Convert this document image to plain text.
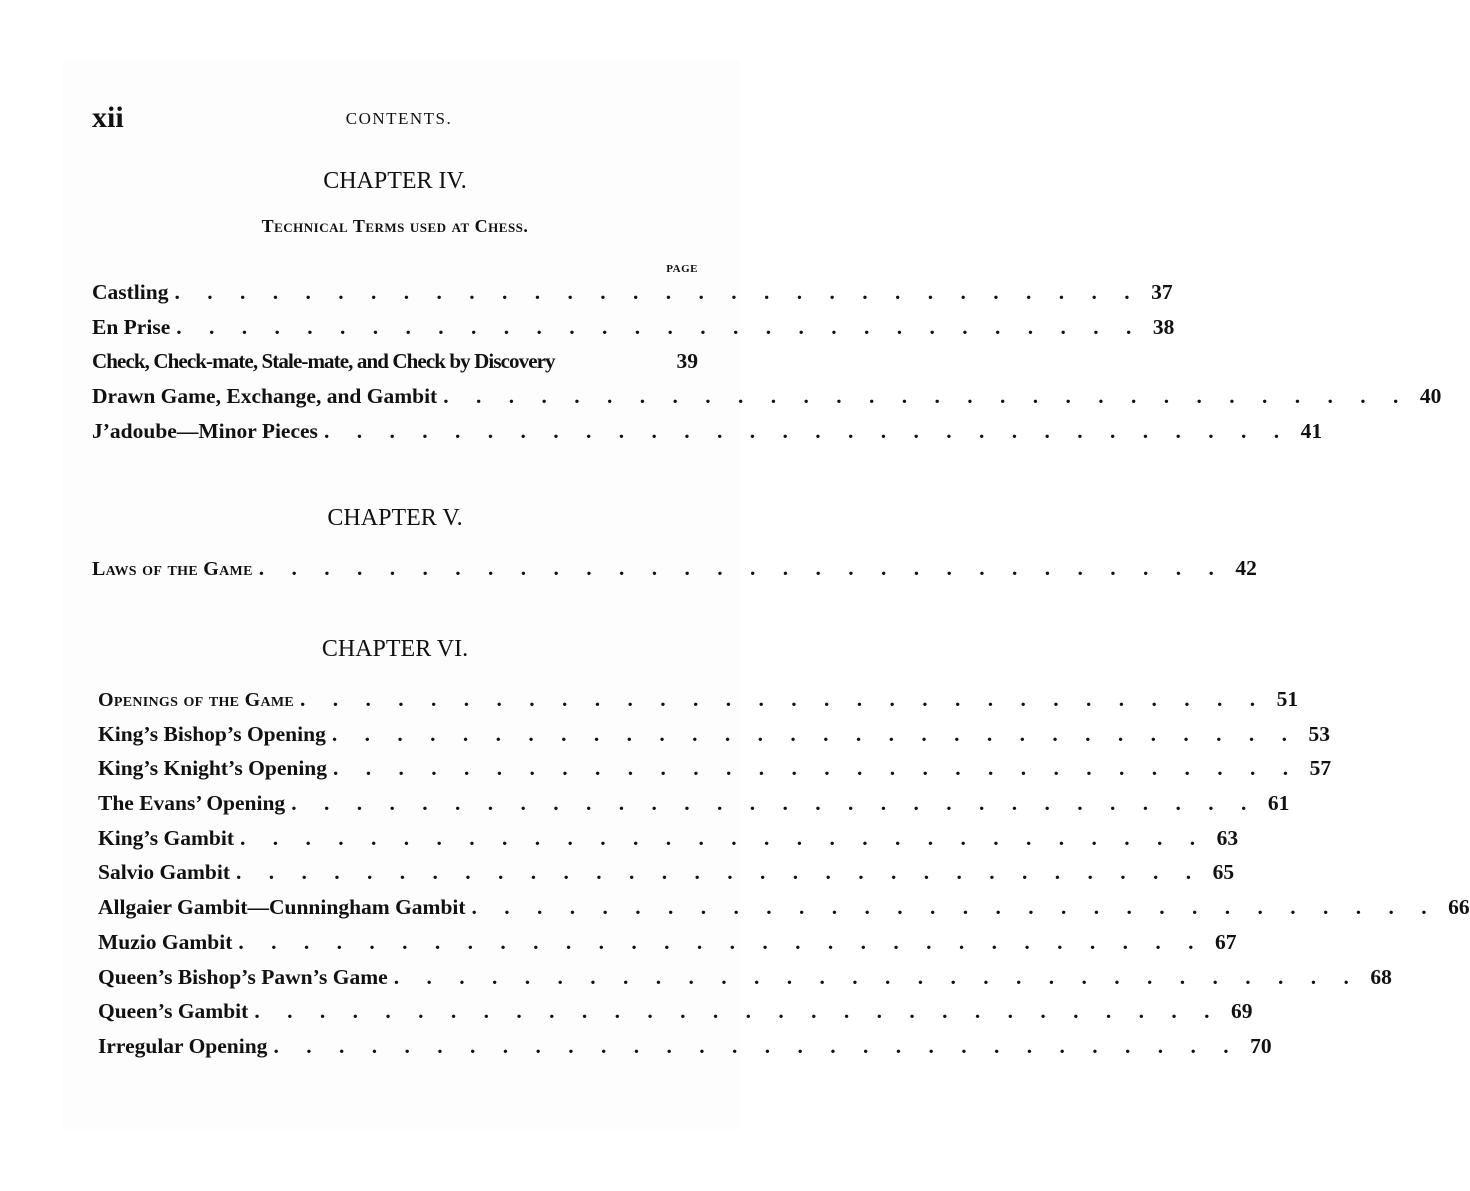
xii	CONTENTS.
CHAPTER IV.
Technical Terms used at Chess.
PAGE
Castling . . . . . . . . . . . . . . . . . . . . . . . . . . . . . . 37
En Prise . . . . . . . . . . . . . . . . . . . . . . . . . . . . . . 38
Check, Check-mate, Stale-mate, and Check by Discovery	39
Drawn Game, Exchange, and Gambit . . . . . . . . . . . . . . . . . . . . . . . . . . . . . . 40
J’adoube—Minor Pieces . . . . . . . . . . . . . . . . . . . . . . . . . . . . . . 41
CHAPTER V.
Laws of the Game . . . . . . . . . . . . . . . . . . . . . . . . . . . . . . 42
CHAPTER VI.
Openings of the Game . . . . . . . . . . . . . . . . . . . . . . . . . . . . . . 51
King’s Bishop’s Opening . . . . . . . . . . . . . . . . . . . . . . . . . . . . . . 53
King’s Knight’s Opening . . . . . . . . . . . . . . . . . . . . . . . . . . . . . . 57
The Evans’ Opening . . . . . . . . . . . . . . . . . . . . . . . . . . . . . . 61
King’s Gambit . . . . . . . . . . . . . . . . . . . . . . . . . . . . . . 63
Salvio Gambit . . . . . . . . . . . . . . . . . . . . . . . . . . . . . . 65
Allgaier Gambit—Cunningham Gambit . . . . . . . . . . . . . . . . . . . . . . . . . . . . . . 66
Muzio Gambit . . . . . . . . . . . . . . . . . . . . . . . . . . . . . . 67
Queen’s Bishop’s Pawn’s Game . . . . . . . . . . . . . . . . . . . . . . . . . . . . . . 68
Queen’s Gambit . . . . . . . . . . . . . . . . . . . . . . . . . . . . . . 69
Irregular Opening . . . . . . . . . . . . . . . . . . . . . . . . . . . . . . 70
